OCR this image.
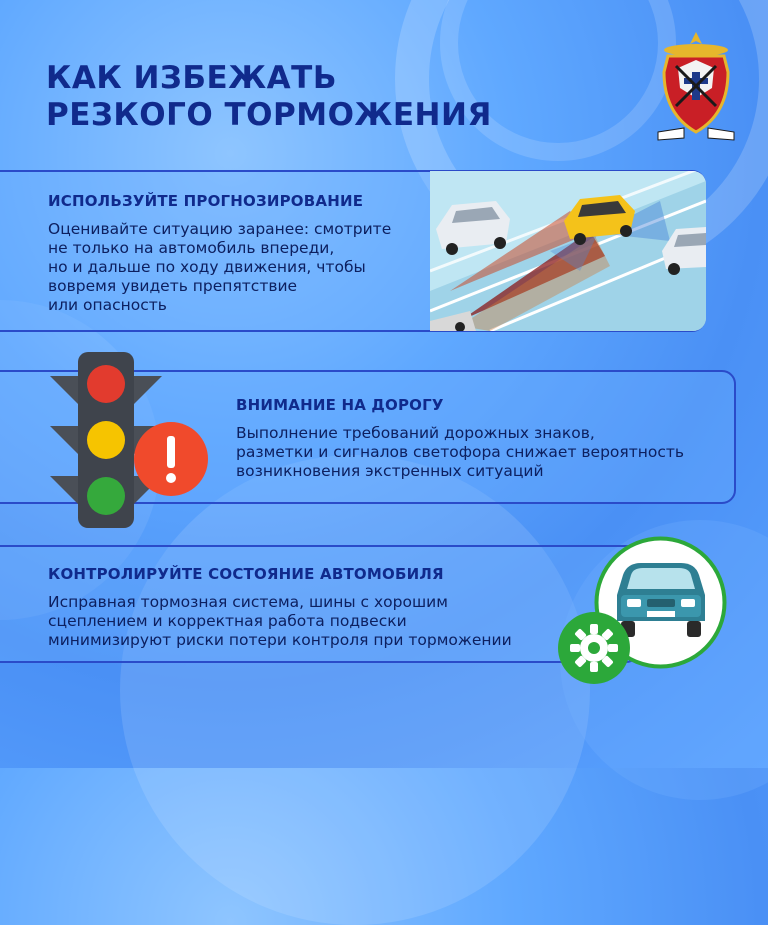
КАК ИЗБЕЖАТЬ
РЕЗКОГО ТОРМОЖЕНИЯ
ИСПОЛЬЗУЙТЕ ПРОГНОЗИРОВАНИЕ

Оценивайте ситуацию заранее: смотрите
не только на автомобиль впереди,
но и дальше по ходу движения, чтобы
вовремя увидеть препятствие
или опасность

ВНИМАНИЕ НА ДОРОГУ

Выполнение требований дорожных знаков,
разметки и сигналов светофора снижает вероятность
возникновения экстренных ситуаций

КОНТРОЛИРУЙТЕ СОСТОЯНИЕ АВТОМОБИЛЯ

Исправная тормозная система, шины с хорошим
сцеплением и корректная работа подвески
минимизируют риски потери контроля при торможении
